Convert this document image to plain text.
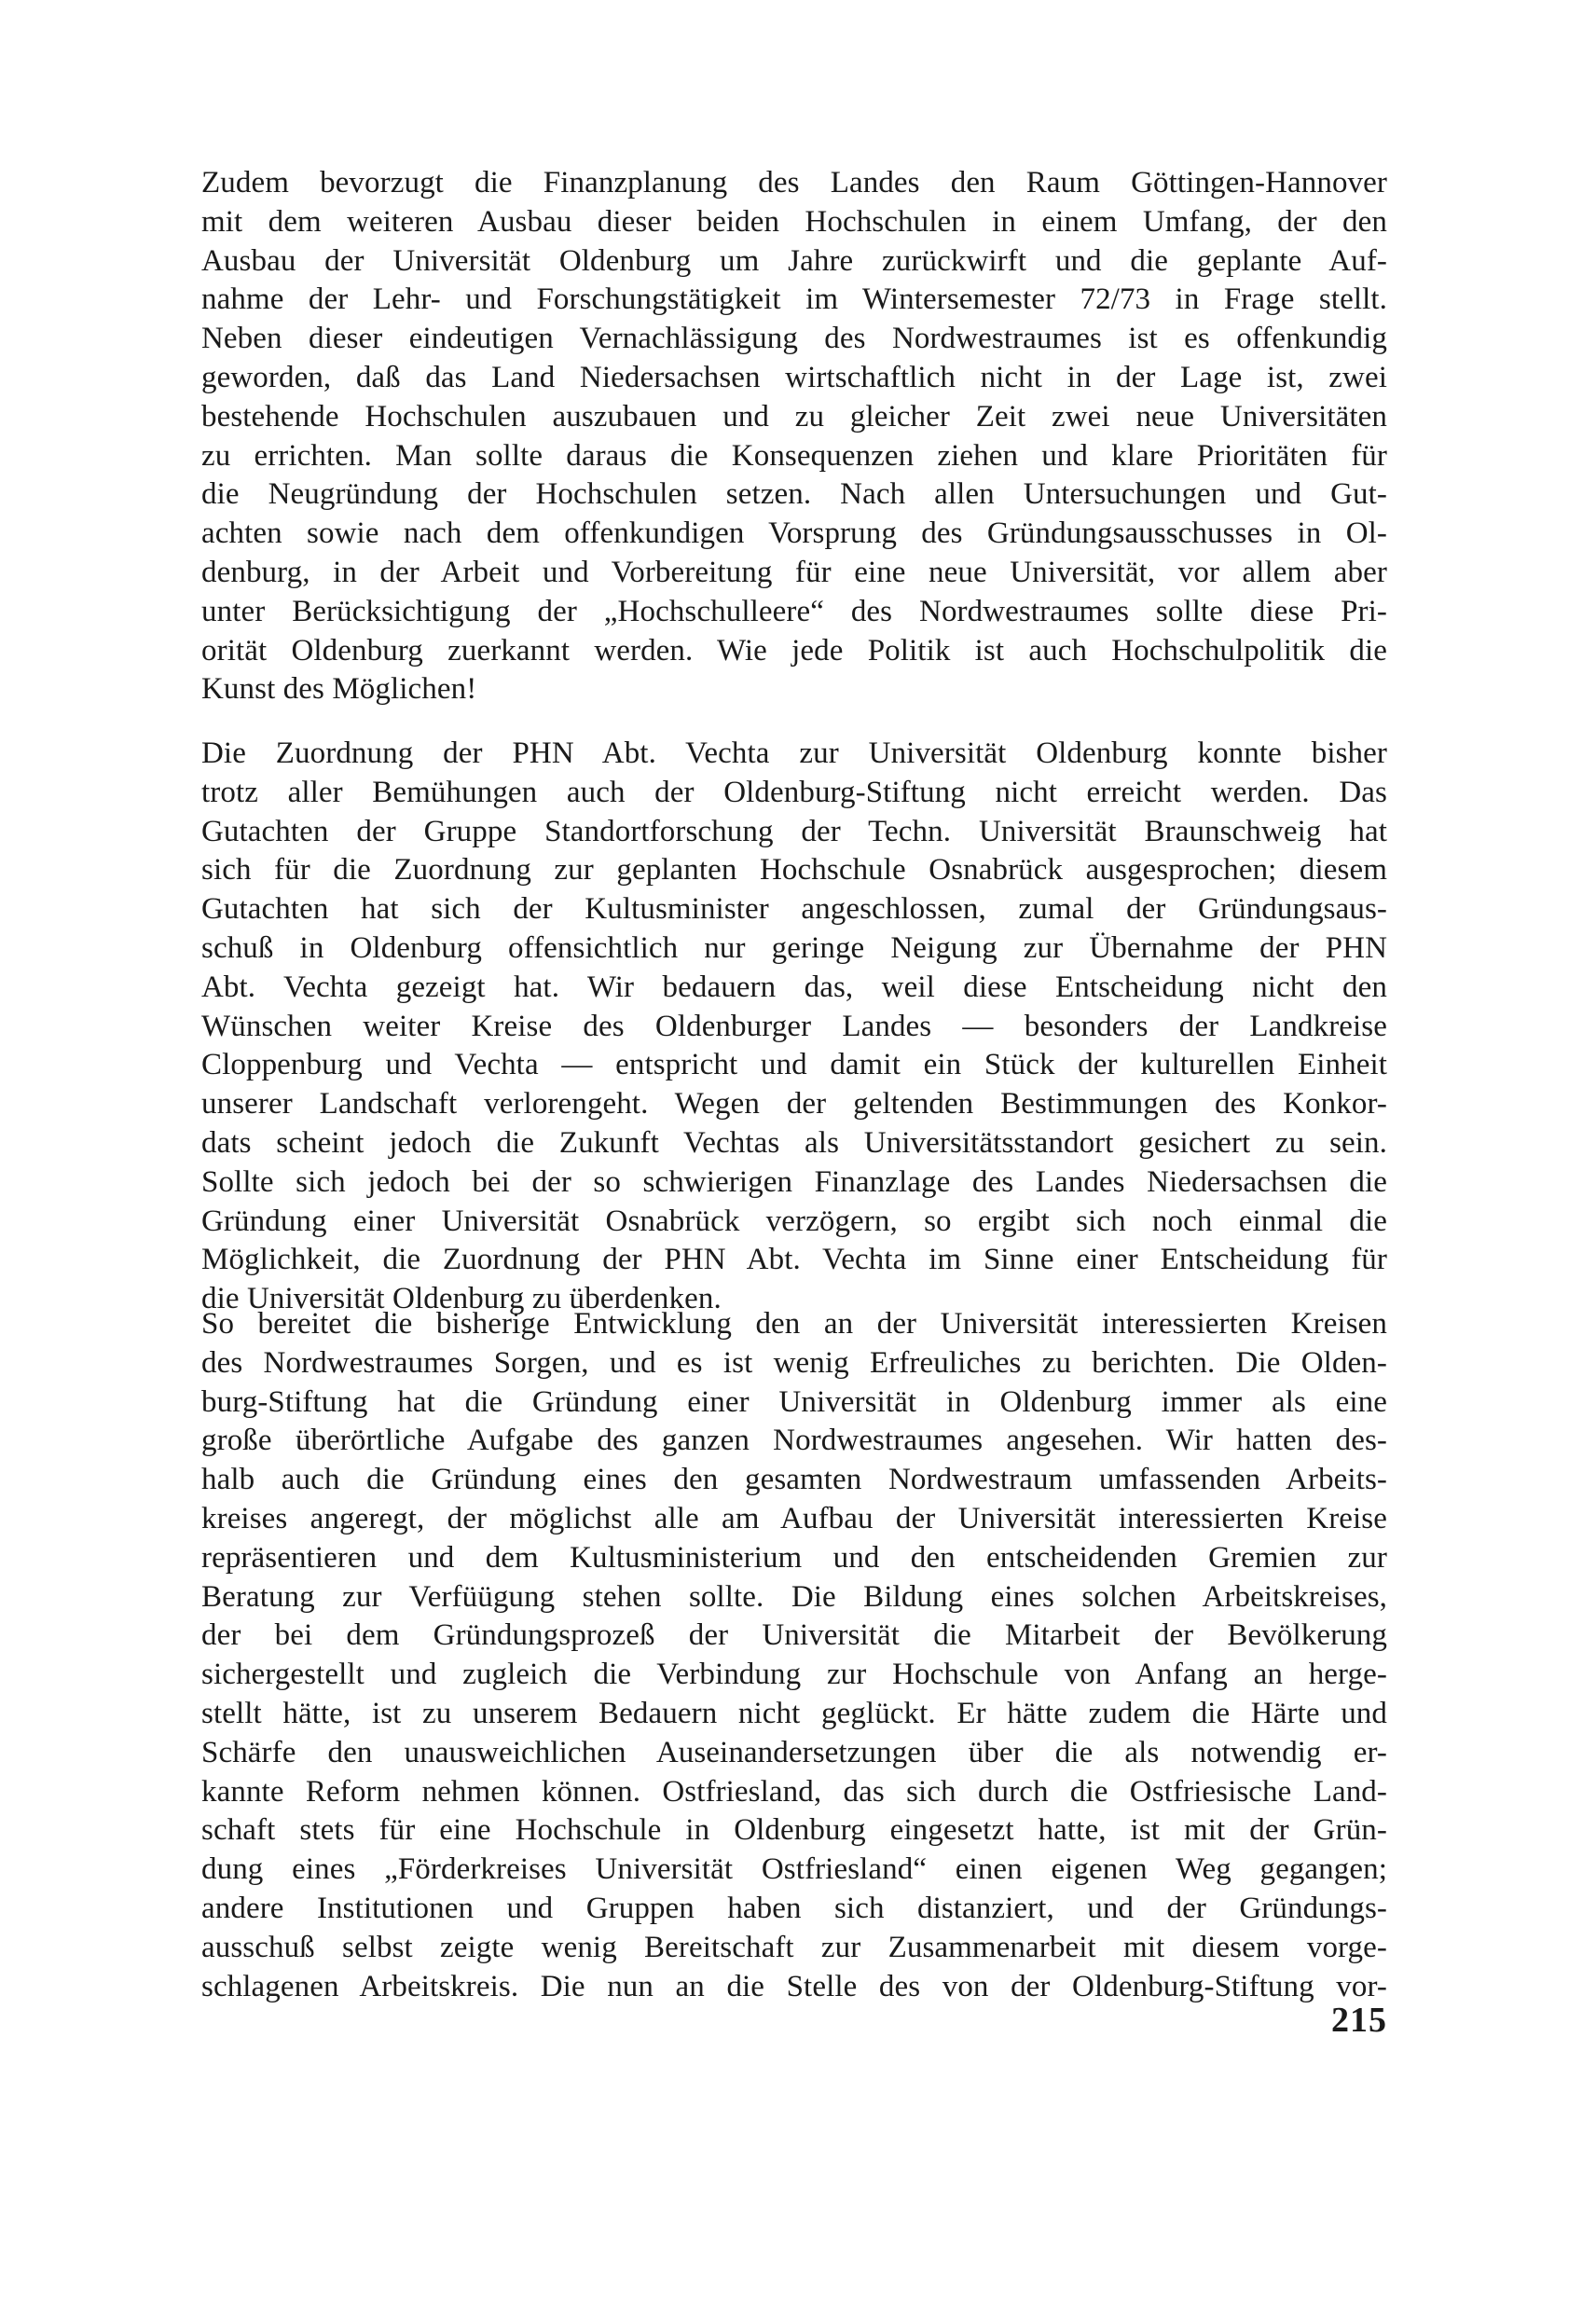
Zudem bevorzugt die Finanzplanung des Landes den Raum Göttingen-Hannover
mit dem weiteren Ausbau dieser beiden Hochschulen in einem Umfang, der den
Ausbau der Universität Oldenburg um Jahre zurückwirft und die geplante Auf-
nahme der Lehr- und Forschungstätigkeit im Wintersemester 72/73 in Frage stellt.
Neben dieser eindeutigen Vernachlässigung des Nordwestraumes ist es offenkundig
geworden, daß das Land Niedersachsen wirtschaftlich nicht in der Lage ist, zwei
bestehende Hochschulen auszubauen und zu gleicher Zeit zwei neue Universitäten
zu errichten. Man sollte daraus die Konsequenzen ziehen und klare Prioritäten für
die Neugründung der Hochschulen setzen. Nach allen Untersuchungen und Gut-
achten sowie nach dem offenkundigen Vorsprung des Gründungsausschusses in Ol-
denburg, in der Arbeit und Vorbereitung für eine neue Universität, vor allem aber
unter Berücksichtigung der „Hochschulleere“ des Nordwestraumes sollte diese Pri-
orität Oldenburg zuerkannt werden. Wie jede Politik ist auch Hochschulpolitik die
Kunst des Möglichen!
Die Zuordnung der PHN Abt. Vechta zur Universität Oldenburg konnte bisher
trotz aller Bemühungen auch der Oldenburg-Stiftung nicht erreicht werden. Das
Gutachten der Gruppe Standortforschung der Techn. Universität Braunschweig hat
sich für die Zuordnung zur geplanten Hochschule Osnabrück ausgesprochen; diesem
Gutachten hat sich der Kultusminister angeschlossen, zumal der Gründungsaus-
schuß in Oldenburg offensichtlich nur geringe Neigung zur Übernahme der PHN
Abt. Vechta gezeigt hat. Wir bedauern das, weil diese Entscheidung nicht den
Wünschen weiter Kreise des Oldenburger Landes — besonders der Landkreise
Cloppenburg und Vechta — entspricht und damit ein Stück der kulturellen Einheit
unserer Landschaft verlorengeht. Wegen der geltenden Bestimmungen des Konkor-
dats scheint jedoch die Zukunft Vechtas als Universitätsstandort gesichert zu sein.
Sollte sich jedoch bei der so schwierigen Finanzlage des Landes Niedersachsen die
Gründung einer Universität Osnabrück verzögern, so ergibt sich noch einmal die
Möglichkeit, die Zuordnung der PHN Abt. Vechta im Sinne einer Entscheidung für
die Universität Oldenburg zu überdenken.
So bereitet die bisherige Entwicklung den an der Universität interessierten Kreisen
des Nordwestraumes Sorgen, und es ist wenig Erfreuliches zu berichten. Die Olden-
burg-Stiftung hat die Gründung einer Universität in Oldenburg immer als eine
große überörtliche Aufgabe des ganzen Nordwestraumes angesehen. Wir hatten des-
halb auch die Gründung eines den gesamten Nordwestraum umfassenden Arbeits-
kreises angeregt, der möglichst alle am Aufbau der Universität interessierten Kreise
repräsentieren und dem Kultusministerium und den entscheidenden Gremien zur
Beratung zur Verfüügung stehen sollte. Die Bildung eines solchen Arbeitskreises,
der bei dem Gründungsprozeß der Universität die Mitarbeit der Bevölkerung
sichergestellt und zugleich die Verbindung zur Hochschule von Anfang an herge-
stellt hätte, ist zu unserem Bedauern nicht geglückt. Er hätte zudem die Härte und
Schärfe den unausweichlichen Auseinandersetzungen über die als notwendig er-
kannte Reform nehmen können. Ostfriesland, das sich durch die Ostfriesische Land-
schaft stets für eine Hochschule in Oldenburg eingesetzt hatte, ist mit der Grün-
dung eines „Förderkreises Universität Ostfriesland“ einen eigenen Weg gegangen;
andere Institutionen und Gruppen haben sich distanziert, und der Gründungs-
ausschuß selbst zeigte wenig Bereitschaft zur Zusammenarbeit mit diesem vorge-
schlagenen Arbeitskreis. Die nun an die Stelle des von der Oldenburg-Stiftung vor-
215
